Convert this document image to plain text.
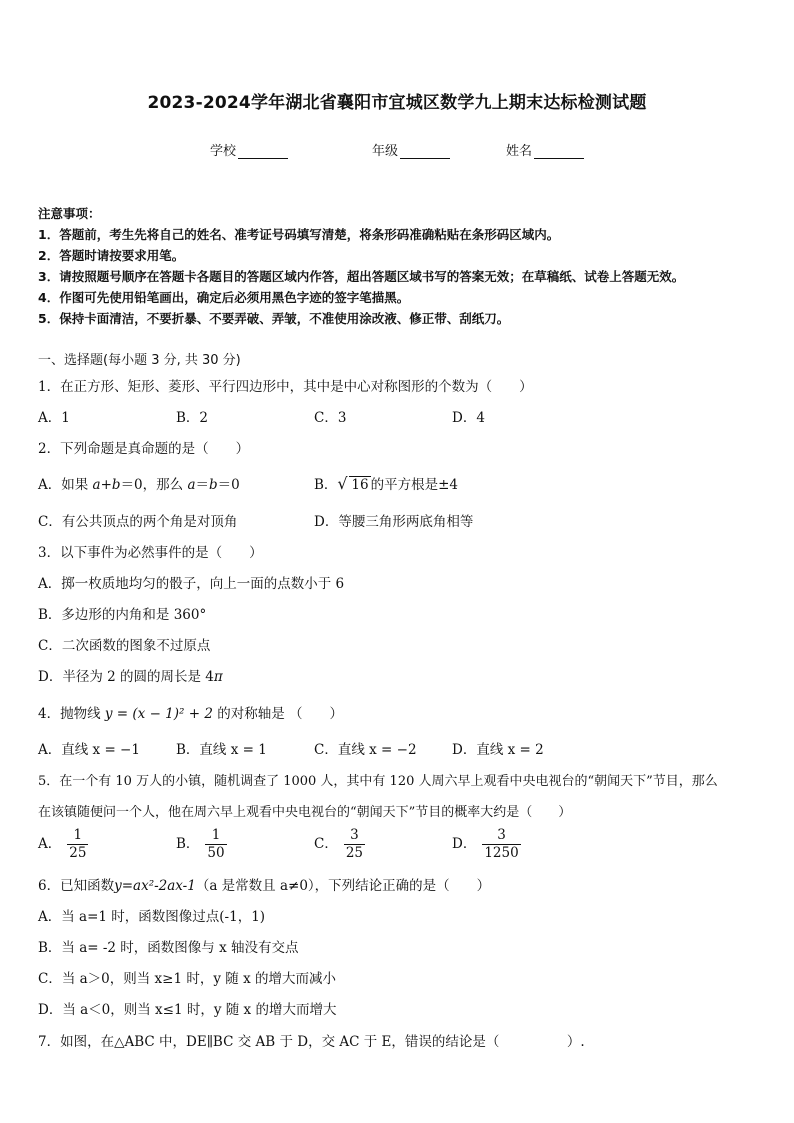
2023-2024学年湖北省襄阳市宜城区数学九上期末达标检测试题
学校	年级	姓名
注意事项：
1．答题前，考生先将自己的姓名、准考证号码填写清楚，将条形码准确粘贴在条形码区域内。
2．答题时请按要求用笔。
3．请按照题号顺序在答题卡各题目的答题区域内作答，超出答题区域书写的答案无效；在草稿纸、试卷上答题无效。
4．作图可先使用铅笔画出，确定后必须用黑色字迹的签字笔描黑。
5．保持卡面清洁，不要折暴、不要弄破、弄皱，不准使用涂改液、修正带、刮纸刀。
一、选择题(每小题 3 分, 共 30 分)
1．在正方形、矩形、菱形、平行四边形中，其中是中心对称图形的个数为（　　）
A．1	B．2	C．3	D．4
2．下列命题是真命题的是（　　）
A．如果 a+b＝0，那么 a＝b＝0	B． √ 16 的平方根是±4
C．有公共顶点的两个角是对顶角	D．等腰三角形两底角相等
3．以下事件为必然事件的是（　　）
A．掷一枚质地均匀的骰子，向上一面的点数小于 6
B．多边形的内角和是 360°
C．二次函数的图象不过原点
D．半径为 2 的圆的周长是 4π
4．抛物线 y = (x − 1)² + 2 的对称轴是 （　　）
A．直线 x = −1	B．直线 x = 1	C．直线 x = −2	D．直线 x = 2
5．在一个有 10 万人的小镇，随机调查了 1000 人，其中有 120 人周六早上观看中央电视台的“朝闻天下”节目，那么
在该镇随便问一个人，他在周六早上观看中央电视台的“朝闻天下”节目的概率大约是（　　）
A． $\frac{1}{25}$	B． $\frac{1}{50}$	C． $\frac{3}{25}$	D． $\frac{3}{1250}$
6．已知函数y=ax²-2ax-1（a 是常数且 a≠0），下列结论正确的是（　　）
A．当 a=1 时，函数图像过点(-1，1)
B．当 a= -2 时，函数图像与 x 轴没有交点
C．当 a＞0，则当 x≥1 时，y 随 x 的增大而减小
D．当 a＜0，则当 x≤1 时，y 随 x 的增大而增大
7．如图，在△ABC 中，DE∥BC 交 AB 于 D，交 AC 于 E，错误的结论是（　　　　　）.
